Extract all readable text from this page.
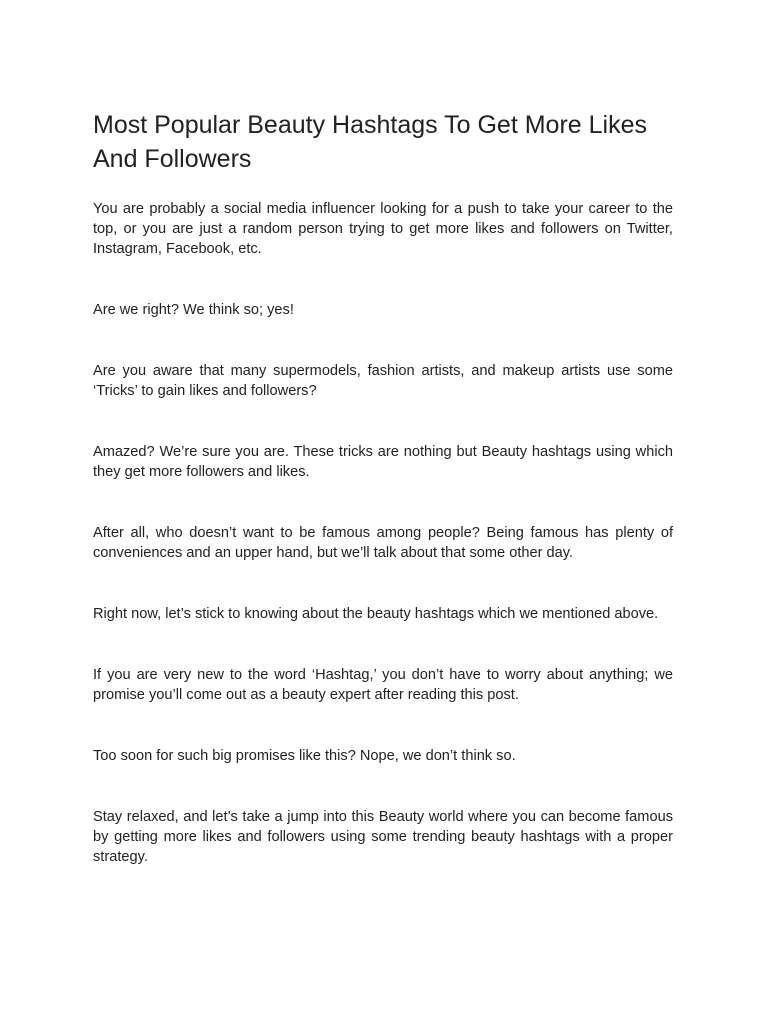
Most Popular Beauty Hashtags To Get More Likes And Followers

You are probably a social media influencer looking for a push to take your career to the top, or you are just a random person trying to get more likes and followers on Twitter, Instagram, Facebook, etc.

Are we right? We think so; yes!

Are you aware that many supermodels, fashion artists, and makeup artists use some ‘Tricks’ to gain likes and followers?

Amazed? We’re sure you are. These tricks are nothing but Beauty hashtags using which they get more followers and likes.

After all, who doesn’t want to be famous among people? Being famous has plenty of conveniences and an upper hand, but we’ll talk about that some other day.

Right now, let’s stick to knowing about the beauty hashtags which we mentioned above.

If you are very new to the word ‘Hashtag,’ you don’t have to worry about anything; we promise you’ll come out as a beauty expert after reading this post.

Too soon for such big promises like this? Nope, we don’t think so.

Stay relaxed, and let’s take a jump into this Beauty world where you can become famous by getting more likes and followers using some trending beauty hashtags with a proper strategy.
